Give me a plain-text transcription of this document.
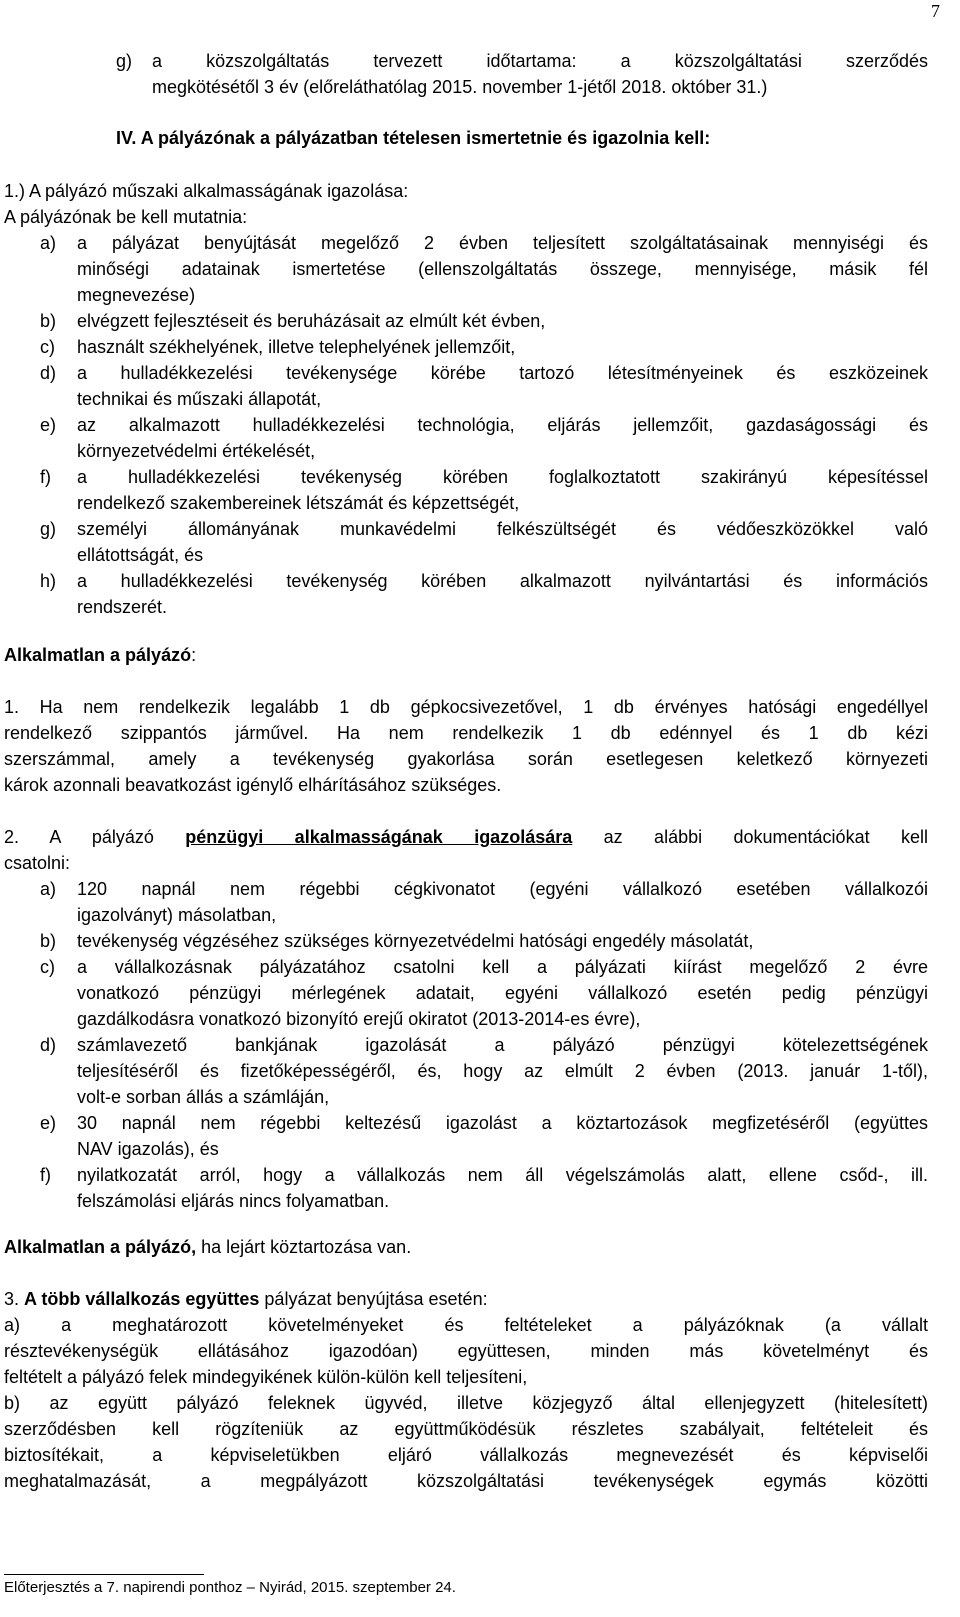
7
g) a közszolgáltatás tervezett időtartama: a közszolgáltatási szerződés
megkötésétől 3 év (előreláthatólag 2015. november 1-jétől 2018. október 31.)
IV. A pályázónak a pályázatban tételesen ismertetnie és igazolnia kell:
1.) A pályázó műszaki alkalmasságának igazolása:
A pályázónak be kell mutatnia:
a) a pályázat benyújtását megelőző 2 évben teljesített szolgáltatásainak mennyiségi és
minőségi adatainak ismertetése (ellenszolgáltatás összege, mennyisége, másik fél
megnevezése)
b) elvégzett fejlesztéseit és beruházásait az elmúlt két évben,
c) használt székhelyének, illetve telephelyének jellemzőit,
d) a hulladékkezelési tevékenysége körébe tartozó létesítményeinek és eszközeinek
technikai és műszaki állapotát,
e) az alkalmazott hulladékkezelési technológia, eljárás jellemzőit, gazdaságossági és
környezetvédelmi értékelését,
f) a hulladékkezelési tevékenység körében foglalkoztatott szakirányú képesítéssel
rendelkező szakembereinek létszámát és képzettségét,
g) személyi állományának munkavédelmi felkészültségét és védőeszközökkel való
ellátottságát, és
h) a hulladékkezelési tevékenység körében alkalmazott nyilvántartási és információs
rendszerét.
Alkalmatlan a pályázó:
1. Ha nem rendelkezik legalább 1 db gépkocsivezetővel, 1 db érvényes hatósági engedéllyel
rendelkező szippantós járművel. Ha nem rendelkezik 1 db edénnyel és 1 db kézi
szerszámmal, amely a tevékenység gyakorlása során esetlegesen keletkező környezeti
károk azonnali beavatkozást igénylő elhárításához szükséges.
2. A pályázó pénzügyi alkalmasságának igazolására az alábbi dokumentációkat kell
csatolni:
a) 120 napnál nem régebbi cégkivonatot (egyéni vállalkozó esetében vállalkozói
igazolványt) másolatban,
b) tevékenység végzéséhez szükséges környezetvédelmi hatósági engedély másolatát,
c) a vállalkozásnak pályázatához csatolni kell a pályázati kiírást megelőző 2 évre
vonatkozó pénzügyi mérlegének adatait, egyéni vállalkozó esetén pedig pénzügyi
gazdálkodásra vonatkozó bizonyító erejű okiratot (2013-2014-es évre),
d) számlavezető bankjának igazolását a pályázó pénzügyi kötelezettségének
teljesítéséről és fizetőképességéről, és, hogy az elmúlt 2 évben (2013. január 1-től),
volt-e sorban állás a számláján,
e) 30 napnál nem régebbi keltezésű igazolást a köztartozások megfizetéséről (együttes
NAV igazolás), és
f) nyilatkozatát arról, hogy a vállalkozás nem áll végelszámolás alatt, ellene csőd-, ill.
felszámolási eljárás nincs folyamatban.
Alkalmatlan a pályázó, ha lejárt köztartozása van.
3. A több vállalkozás együttes pályázat benyújtása esetén:
a) a meghatározott követelményeket és feltételeket a pályázóknak (a vállalt
résztevékenységük ellátásához igazodóan) együttesen, minden más követelményt és
feltételt a pályázó felek mindegyikének külön-külön kell teljesíteni,
b) az együtt pályázó feleknek ügyvéd, illetve közjegyző által ellenjegyzett (hitelesített)
szerződésben kell rögzíteniük az együttműködésük részletes szabályait, feltételeit és
biztosítékait, a képviseletükben eljáró vállalkozás megnevezését és képviselői
meghatalmazását, a megpályázott közszolgáltatási tevékenységek egymás közötti
Előterjesztés a 7. napirendi ponthoz – Nyirád, 2015. szeptember 24.
